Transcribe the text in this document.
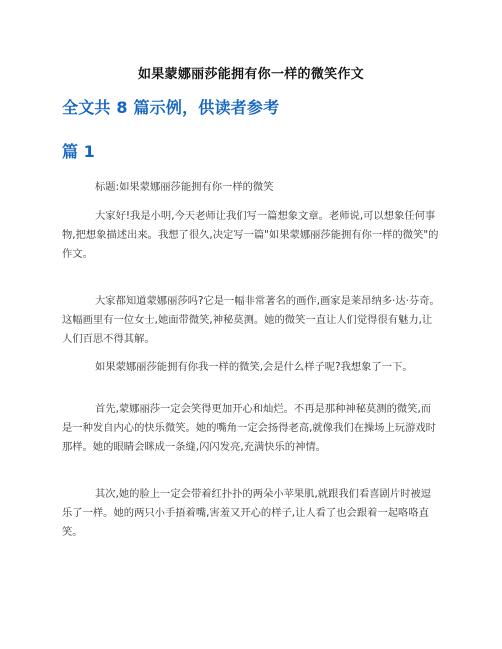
如果蒙娜丽莎能拥有你一样的微笑作文
全文共 8 篇示例，供读者参考
篇 1
标题:如果蒙娜丽莎能拥有你一样的微笑
大家好!我是小明,今天老师让我们写一篇想象文章。老师说,可以想象任何事物,把想象描述出来。我想了很久,决定写一篇"如果蒙娜丽莎能拥有你一样的微笑"的作文。
大家都知道蒙娜丽莎吗?它是一幅非常著名的画作,画家是莱昂纳多·达·芬奇。这幅画里有一位女士,她面带微笑,神秘莫测。她的微笑一直让人们觉得很有魅力,让人们百思不得其解。
如果蒙娜丽莎能拥有你我一样的微笑,会是什么样子呢?我想象了一下。
首先,蒙娜丽莎一定会笑得更加开心和灿烂。不再是那种神秘莫测的微笑,而是一种发自内心的快乐微笑。她的嘴角一定会扬得老高,就像我们在操场上玩游戏时那样。她的眼睛会眯成一条缝,闪闪发亮,充满快乐的神情。
其次,她的脸上一定会带着红扑扑的两朵小苹果肌,就跟我们看喜剧片时被逗乐了一样。她的两只小手捂着嘴,害羞又开心的样子,让人看了也会跟着一起咯咯直笑。
